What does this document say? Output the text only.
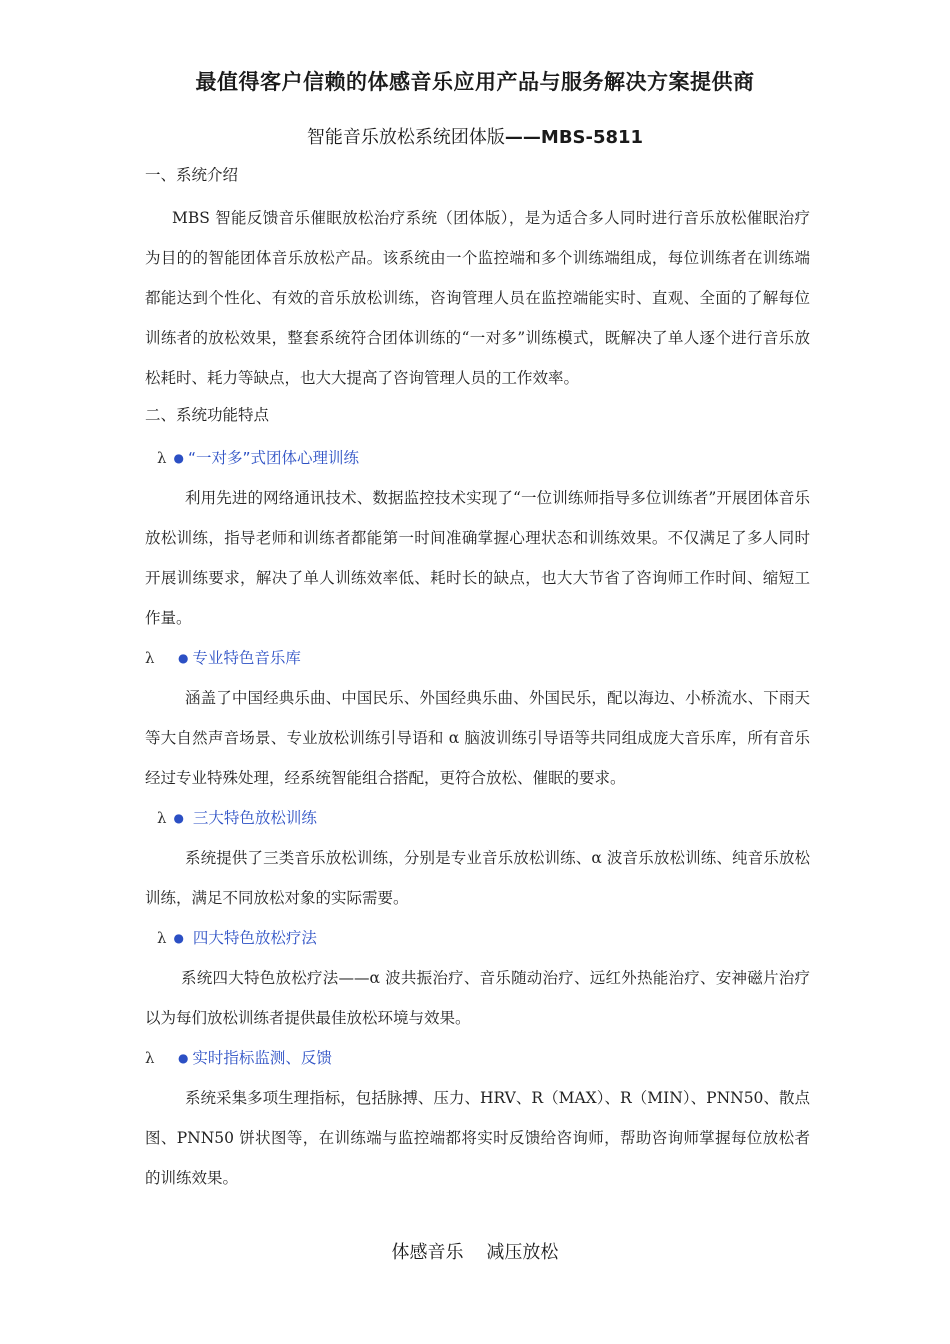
最值得客户信赖的体感音乐应用产品与服务解决方案提供商
智能音乐放松系统团体版——MBS-5811
一、系统介绍

MBS 智能反馈音乐催眠放松治疗系统（团体版），是为适合多人同时进行音乐放松催眠治疗为目的的智能团体音乐放松产品。该系统由一个监控端和多个训练端组成，每位训练者在训练端都能达到个性化、有效的音乐放松训练，咨询管理人员在监控端能实时、直观、全面的了解每位训练者的放松效果，整套系统符合团体训练的“一对多”训练模式，既解决了单人逐个进行音乐放松耗时、耗力等缺点，也大大提高了咨询管理人员的工作效率。

二、系统功能特点
λ ● “一对多”式团体心理训练

利用先进的网络通讯技术、数据监控技术实现了“一位训练师指导多位训练者”开展团体音乐放松训练，指导老师和训练者都能第一时间准确掌握心理状态和训练效果。不仅满足了多人同时开展训练要求，解决了单人训练效率低、耗时长的缺点，也大大节省了咨询师工作时间、缩短工作量。

λ ● 专业特色音乐库

涵盖了中国经典乐曲、中国民乐、外国经典乐曲、外国民乐，配以海边、小桥流水、下雨天等大自然声音场景、专业放松训练引导语和 α 脑波训练引导语等共同组成庞大音乐库，所有音乐经过专业特殊处理，经系统智能组合搭配，更符合放松、催眠的要求。

λ ● 三大特色放松训练

系统提供了三类音乐放松训练，分别是专业音乐放松训练、α 波音乐放松训练、纯音乐放松训练，满足不同放松对象的实际需要。

λ ● 四大特色放松疗法

系统四大特色放松疗法——α 波共振治疗、音乐随动治疗、远红外热能治疗、安神磁片治疗以为每们放松训练者提供最佳放松环境与效果。

λ ● 实时指标监测、反馈

系统采集多项生理指标，包括脉搏、压力、HRV、R（MAX）、R（MIN）、PNN50、散点图、PNN50 饼状图等，在训练端与监控端都将实时反馈给咨询师，帮助咨询师掌握每位放松者的训练效果。

体感音乐    减压放松
